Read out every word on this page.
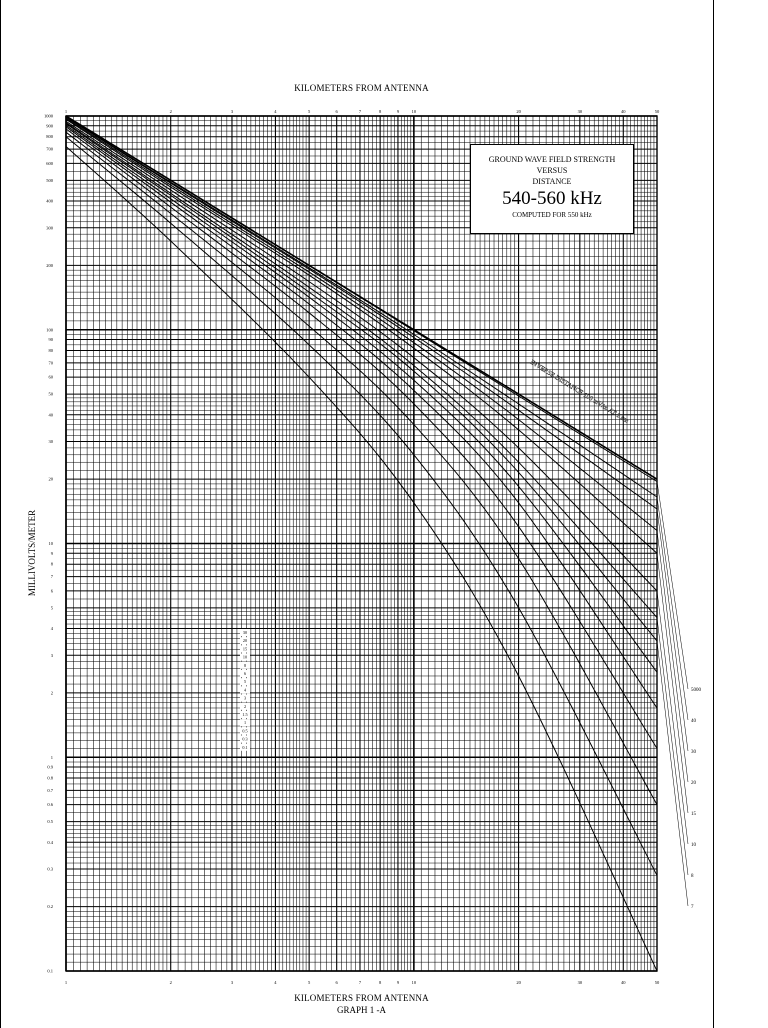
KILOMETERS FROM ANTENNA
MILLIVOLTS/METER
1
1
2
2
3
3
4
4
5
5
6
6
7
7
8
8
9
9
10
10
20
20
30
30
40
40
50
50
1000
900
800
700
600
500
400
300
200
100
90
80
70
60
50
40
30
20
10
9
8
7
6
5
4
3
2
1
0.9
0.8
0.7
0.6
0.5
0.4
0.3
0.2
0.1
INVERSE DISTANCE 100 mV/m AT 1 km
5000
40
30
20
15
10
8
7
30
20
15
10
8
6
5
4
3
2
1.5
1
0.5
0.3
0.1
GROUND WAVE FIELD STRENGTH
VERSUS
DISTANCE
540-560 kHz
COMPUTED FOR 550 kHz
KILOMETERS FROM ANTENNA
GRAPH 1 -A
